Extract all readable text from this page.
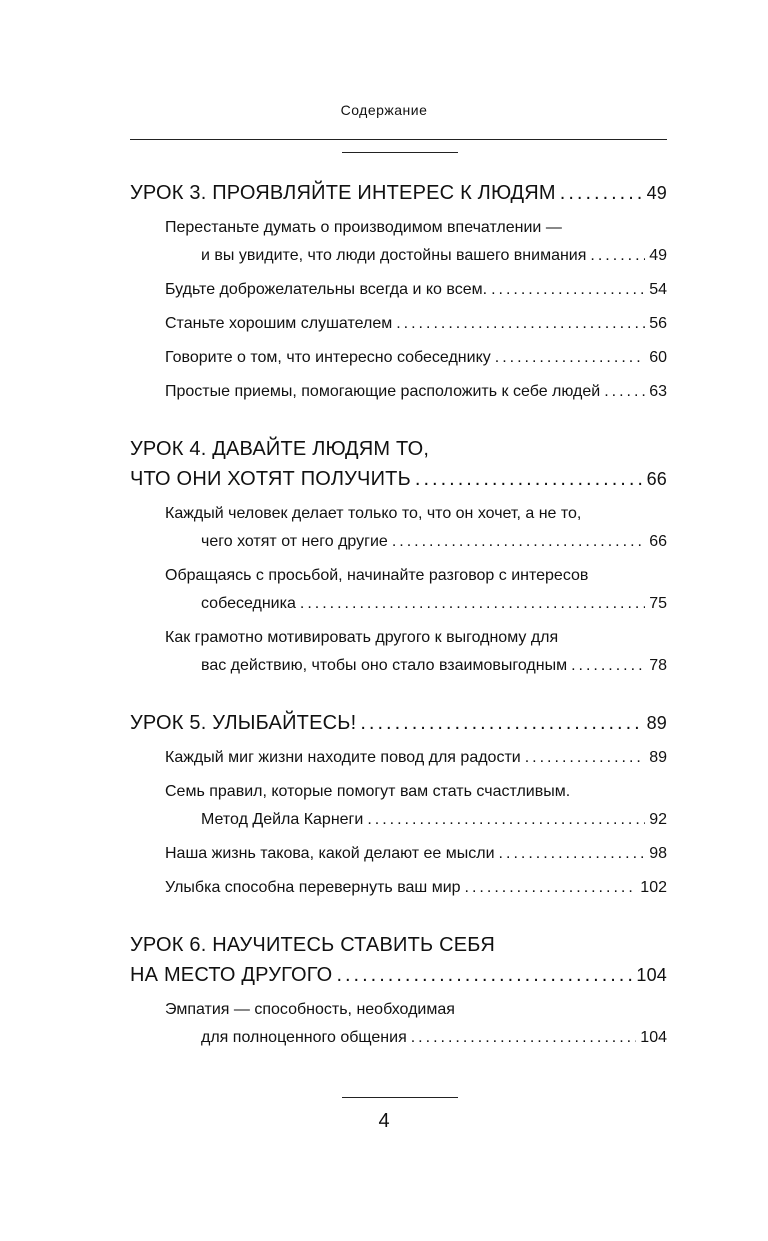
Содержание
УРОК 3. ПРОЯВЛЯЙТЕ ИНТЕРЕС К ЛЮДЯМ .....	49
Перестаньте думать о производимом впечатлении —
и вы увидите, что люди достойны вашего внимания .....	49
Будьте доброжелательны всегда и ко всем. .....	54
Станьте хорошим слушателем .....	56
Говорите о том, что интересно собеседнику .....	60
Простые приемы, помогающие расположить к себе людей .....	63
УРОК 4. ДАВАЙТЕ ЛЮДЯМ ТО,
ЧТО ОНИ ХОТЯТ ПОЛУЧИТЬ .....	66
Каждый человек делает только то, что он хочет, а не то,
чего хотят от него другие .....	66
Обращаясь с просьбой, начинайте разговор с интересов
собеседника .....	75
Как грамотно мотивировать другого к выгодному для
вас действию, чтобы оно стало взаимовыгодным .....	78
УРОК 5. УЛЫБАЙТЕСЬ! .....	89
Каждый миг жизни находите повод для радости .....	89
Семь правил, которые помогут вам стать счастливым.
Метод Дейла Карнеги .....	92
Наша жизнь такова, какой делают ее мысли .....	98
Улыбка способна перевернуть ваш мир .....	102
УРОК 6. НАУЧИТЕСЬ СТАВИТЬ СЕБЯ
НА МЕСТО ДРУГОГО .....	104
Эмпатия — способность, необходимая
для полноценного общения .....	104
4
